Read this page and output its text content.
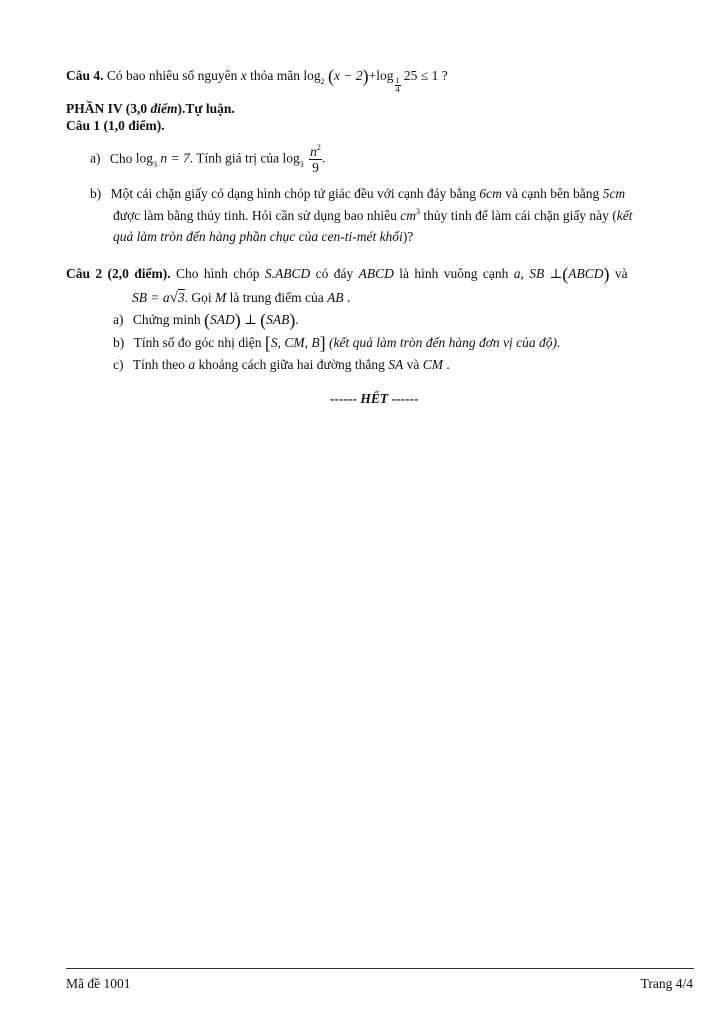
Câu 4. Có bao nhiêu số nguyên x thỏa mãn $\log_2 (x - 2)+\log$
$\frac{1}{4}$
25 ≤ 1 ?
PHẦN IV (3,0 điểm).Tự luận.
Câu 1 (1,0 điểm).
a) Cho $\log_3 n = 7$. Tính giá trị của $\log_3 \frac{n^2}{9}$ .
b) Một cái chặn giấy có dạng hình chóp tứ giác đều với cạnh đáy bằng 6cm và cạnh bên bằng 5cm
được làm bằng thủy tinh. Hỏi cần sử dụng bao nhiêu $cm^3$ thủy tinh để làm cái chặn giấy này (kết
quả làm tròn đến hàng phần chục của cen-ti-mét khối)?
Câu 2 (2,0 điểm). Cho hình chóp S.ABCD có đáy ABCD là hình vuông cạnh a, SB ⊥(ABCD) và
SB = a√3. Gọi M là trung điểm của AB .
a) Chứng minh (SAD) ⊥ (SAB).
b) Tính số đo góc nhị diện [S, CM, B] (kết quả làm tròn đến hàng đơn vị của độ).
c) Tính theo a khoảng cách giữa hai đường thẳng SA và CM .
------ HẾT ------
Mã đề 1001	Trang 4/4
